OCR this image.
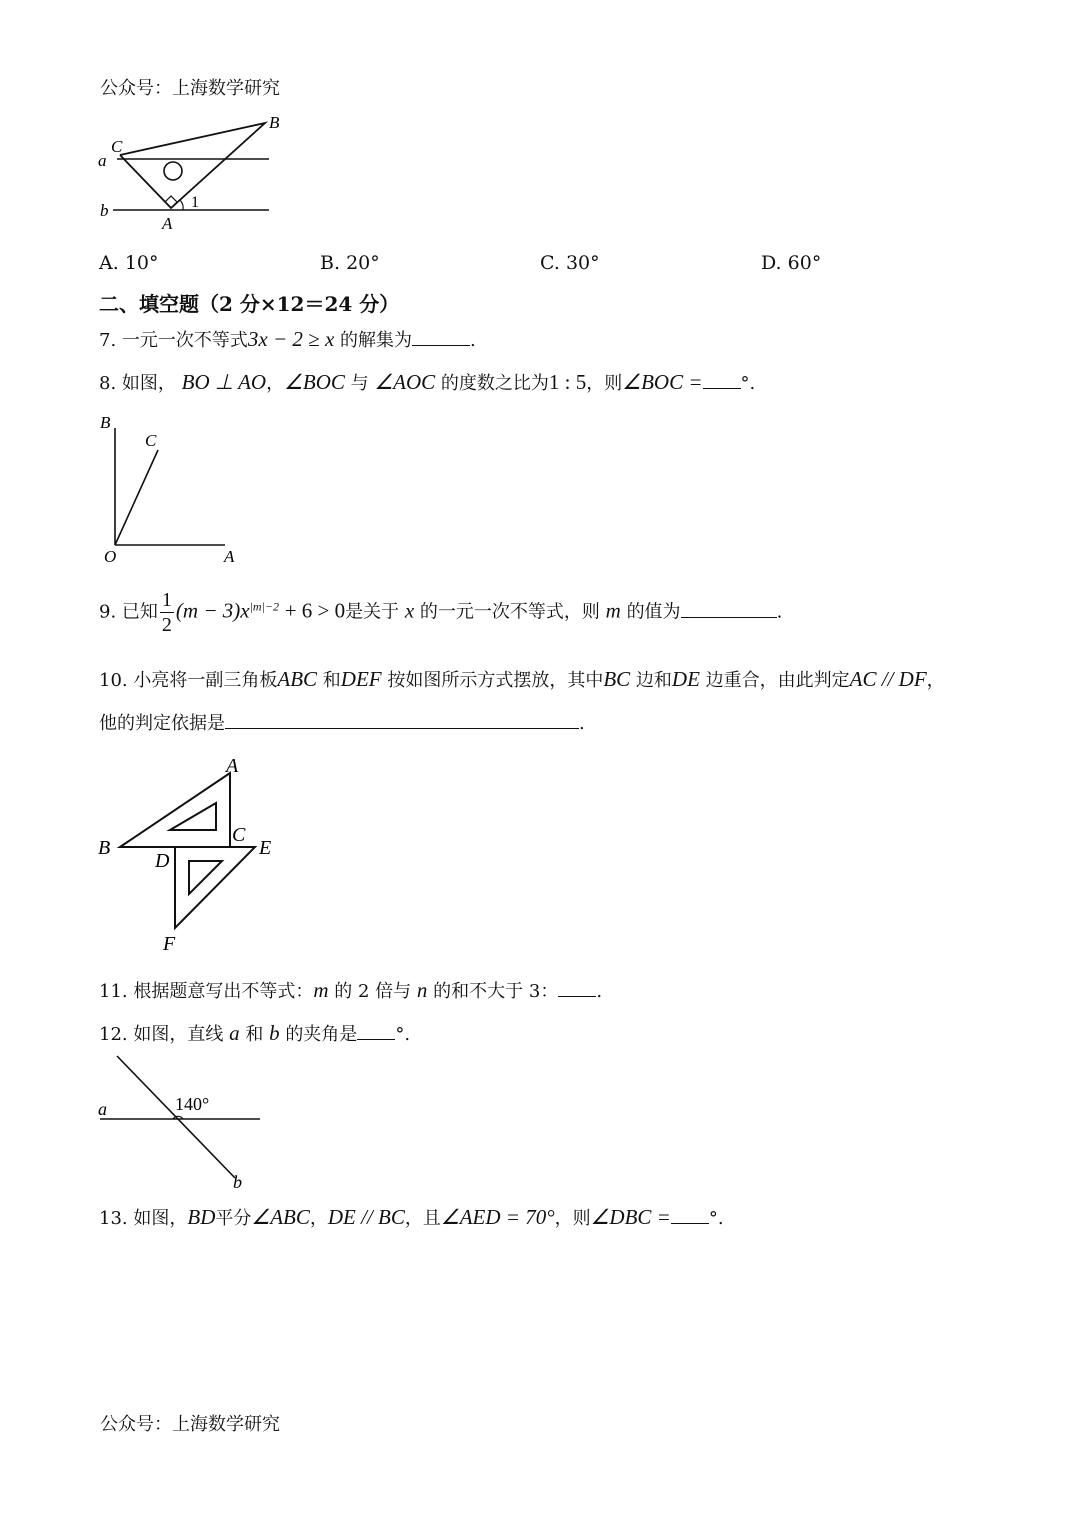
公众号：上海数学研究
C
B
a
b
A
1
A. 10°	B. 20°	C. 30°	D. 60°
二、填空题（2 分×12＝24 分）
7. 一元一次不等式3x − 2 ≥ x 的解集为	.
8. 如图， BO ⊥ AO，∠BOC 与 ∠AOC 的度数之比为1 : 5，则∠BOC = °.
B
C
O	A
9. 已知 $\frac{1}{2} (m - 3)x^{|m|-2} + 6 > 0$是关于 x 的一元一次不等式，则 m 的值为	.
10. 小亮将一副三角板ABC 和DEF 按如图所示方式摆放，其中BC 边和DE 边重合，由此判定AC // DF，
他的判定依据是	.
A
B
C
D
E
F
11. 根据题意写出不等式：m 的 2 倍与 n 的和不大于 3： .
12. 如图，直线 a 和 b 的夹角是 °.
a	140°
b
13. 如图，BD平分∠ABC，DE // BC，且∠AED = 70°，则∠DBC = °.
公众号：上海数学研究
